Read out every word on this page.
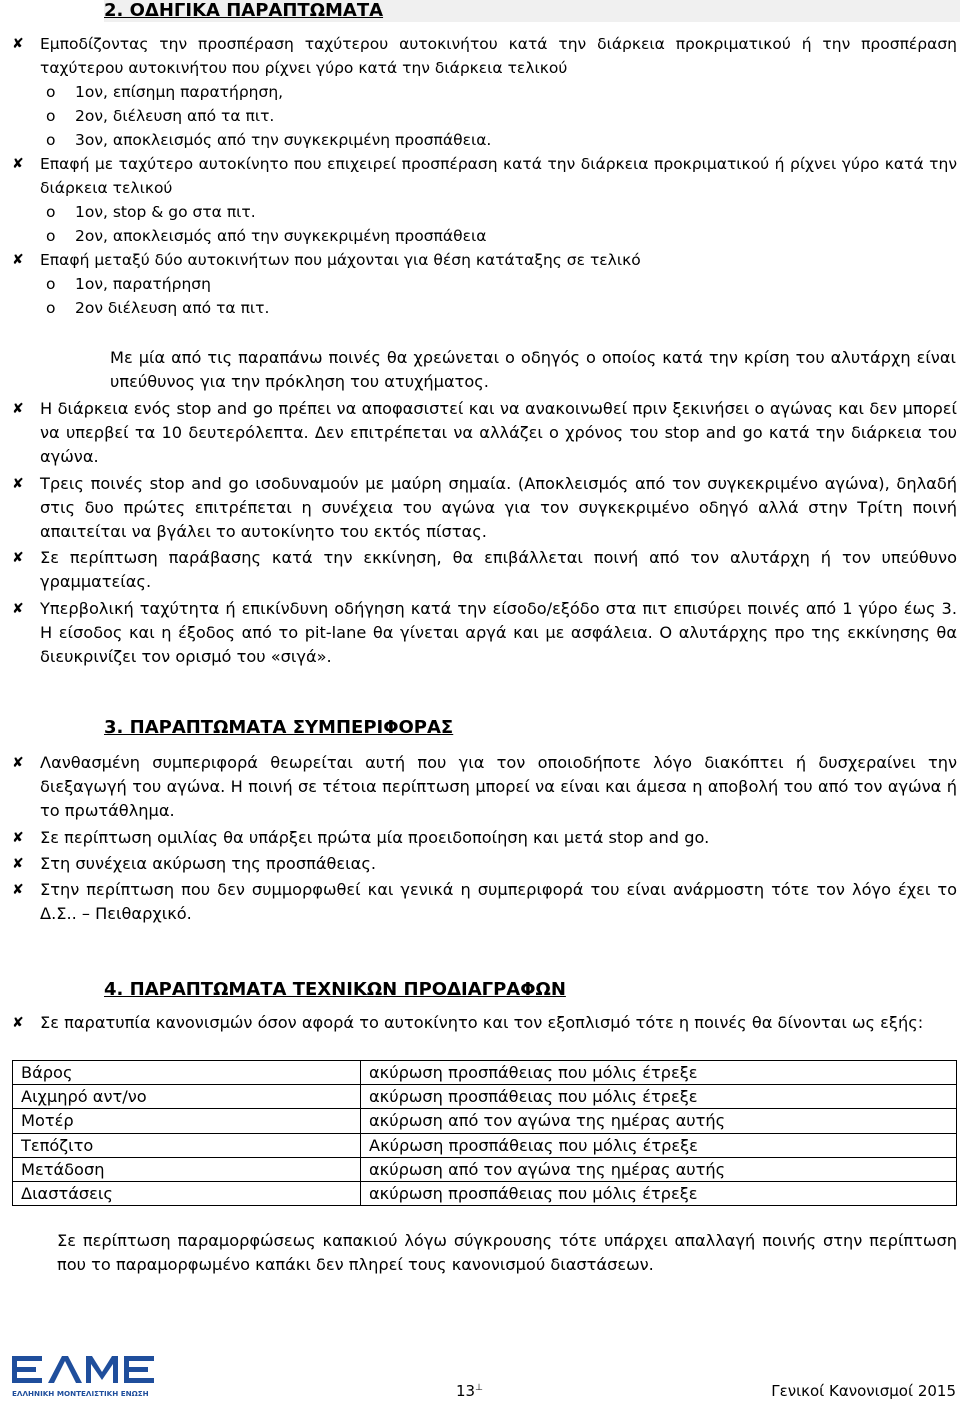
2. ΟΔΗΓΙΚΑ ΠΑΡΑΠΤΩΜΑΤΑ
✘ Εμποδίζοντας την προσπέραση ταχύτερου αυτοκινήτου κατά την διάρκεια προκριματικού ή την προσπέραση ταχύτερου αυτοκινήτου που ρίχνει γύρο κατά την διάρκεια τελικού
o 1ον, επίσημη παρατήρηση,
o 2ον, διέλευση από τα πιτ.
o 3ον, αποκλεισμός από την συγκεκριμένη προσπάθεια.
✘ Επαφή με ταχύτερο αυτοκίνητο που επιχειρεί προσπέραση κατά την διάρκεια προκριματικού ή ρίχνει γύρο κατά την διάρκεια τελικού
o 1ον, stop & go στα πιτ.
o 2ον, αποκλεισμός από την συγκεκριμένη προσπάθεια
✘ Επαφή μεταξύ δύο αυτοκινήτων που μάχονται για θέση κατάταξης σε τελικό
o 1ον, παρατήρηση
o 2ον διέλευση από τα πιτ.
Με μία από τις παραπάνω ποινές θα χρεώνεται ο οδηγός ο οποίος κατά την κρίση του αλυτάρχη είναι υπεύθυνος για την πρόκληση του ατυχήματος.
✘ Η διάρκεια ενός stop and go πρέπει να αποφασιστεί και να ανακοινωθεί πριν ξεκινήσει ο αγώνας και δεν μπορεί να υπερβεί τα 10 δευτερόλεπτα. Δεν επιτρέπεται να αλλάζει ο χρόνος του stop and go κατά την διάρκεια του αγώνα.
✘ Τρεις ποινές stop and go ισοδυναμούν με μαύρη σημαία. (Αποκλεισμός από τον συγκεκριμένο αγώνα), δηλαδή στις δυο πρώτες επιτρέπεται η συνέχεια του αγώνα για τον συγκεκριμένο οδηγό αλλά στην Τρίτη ποινή απαιτείται να βγάλει το αυτοκίνητο του εκτός πίστας.
✘ Σε περίπτωση παράβασης κατά την εκκίνηση, θα επιβάλλεται ποινή από τον αλυτάρχη ή τον υπεύθυνο γραμματείας.
✘ Υπερβολική ταχύτητα ή επικίνδυνη οδήγηση κατά την είσοδο/εξόδο στα πιτ επισύρει ποινές από 1 γύρο έως 3. Η είσοδος και η έξοδος από το pit-lane θα γίνεται αργά και με ασφάλεια. Ο αλυτάρχης προ της εκκίνησης θα διευκρινίζει τον ορισμό του «σιγά».
3. ΠΑΡΑΠΤΩΜΑΤΑ ΣΥΜΠΕΡΙΦΟΡΑΣ
✘ Λανθασμένη συμπεριφορά θεωρείται αυτή που για τον οποιοδήποτε λόγο διακόπτει ή δυσχεραίνει την διεξαγωγή του αγώνα. Η ποινή σε τέτοια περίπτωση μπορεί να είναι και άμεσα η αποβολή του από τον αγώνα ή το πρωτάθλημα.
✘ Σε περίπτωση ομιλίας θα υπάρξει πρώτα μία προειδοποίηση και μετά stop and go.
✘ Στη συνέχεια ακύρωση της προσπάθειας.
✘ Στην περίπτωση που δεν συμμορφωθεί και γενικά η συμπεριφορά του είναι ανάρμοστη τότε τον λόγο έχει το Δ.Σ.. – Πειθαρχικό.
4. ΠΑΡΑΠΤΩΜΑΤΑ ΤΕΧΝΙΚΩΝ ΠΡΟΔΙΑΓΡΑΦΩΝ
✘ Σε παρατυπία κανονισμών όσον αφορά το αυτοκίνητο και τον εξοπλισμό τότε η ποινές θα δίνονται ως εξής:
Βάρος	ακύρωση προσπάθειας που μόλις έτρεξε
Αιχμηρό αντ/νο	ακύρωση προσπάθειας που μόλις έτρεξε
Μοτέρ	ακύρωση από τον αγώνα της ημέρας αυτής
Τεπόζιτο	Ακύρωση προσπάθειας που μόλις έτρεξε
Μετάδοση	ακύρωση από τον αγώνα της ημέρας αυτής
Διαστάσεις	ακύρωση προσπάθειας που μόλις έτρεξε
Σε περίπτωση παραμορφώσεως καπακιού λόγω σύγκρουσης τότε υπάρχει απαλλαγή ποινής στην περίπτωση που το παραμορφωμένο καπάκι δεν πληρεί τους κανονισμού διαστάσεων.
ΕΛΛΗΝΙΚΗ ΜΟΝΤΕΛΙΣΤΙΚΗ ΕΝΩΣΗ	13⊥	Γενικοί Κανονισμοί 2015
